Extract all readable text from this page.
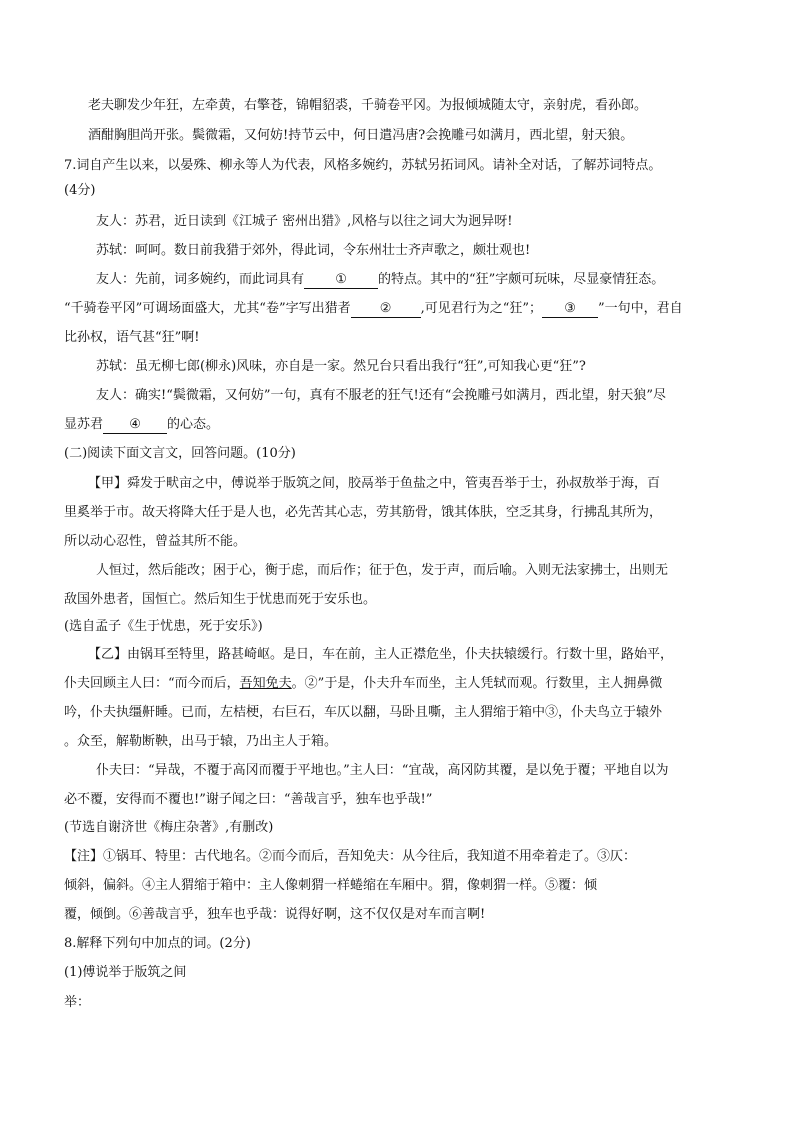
老夫聊发少年狂，左牵黄，右擎苍，锦帽貂裘，千骑卷平冈。为报倾城随太守，亲射虎，看孙郎。
酒酣胸胆尚开张。鬓微霜，又何妨!持节云中，何日遣冯唐?会挽雕弓如满月，西北望，射天狼。
7.词自产生以来，以晏殊、柳永等人为代表，风格多婉约，苏轼另拓词风。请补全对话，了解苏词特点。
(4分)
友人：苏君，近日读到《江城子 密州出猎》,风格与以往之词大为迥异呀!
苏轼：呵呵。数日前我猎于郊外，得此词，令东州壮士齐声歌之，颇壮观也!
友人：先前，词多婉约，而此词具有 ① 的特点。其中的“狂”字颇可玩味，尽显豪情狂态。
“千骑卷平冈”可调场面盛大，尤其“卷”字写出猎者 ② ,可见君行为之“狂”； ③ ”一句中，君自
比孙权，语气甚“狂”啊!
苏轼：虽无柳七郎(柳永)风味，亦自是一家。然兄台只看出我行“狂”,可知我心更“狂”?
友人：确实!“鬓微霜，又何妨”一句，真有不服老的狂气!还有“会挽雕弓如满月，西北望，射天狼”尽
显苏君 ④ 的心态。
(二)阅读下面文言文，回答问题。(10分)
【甲】舜发于畎亩之中，傅说举于版筑之间，胶鬲举于鱼盐之中，管夷吾举于士，孙叔敖举于海，百
里奚举于市。故天将降大任于是人也，必先苦其心志，劳其筋骨，饿其体肤，空乏其身，行拂乱其所为，
所以动心忍性，曾益其所不能。
人恒过，然后能改；困于心，衡于虑，而后作；征于色，发于声，而后喻。入则无法家拂士，出则无
敌国外患者，国恒亡。然后知生于忧患而死于安乐也。
(选自孟子《生于忧患，死于安乐》)
【乙】由锅耳至特里，路甚崎岖。是日，车在前，主人正襟危坐，仆夫扶辕缓行。行数十里，路始平，
仆夫回顾主人曰：“而今而后，吾知免夫。②”于是，仆夫升车而坐，主人凭轼而观。行数里，主人拥鼻微
吟，仆夫执缰鼾睡。已而，左桔梗，右巨石，车仄以翻，马卧且嘶，主人猬缩于箱中③，仆夫鸟立于辕外
。众至，解勒断鞅，出马于辕，乃出主人于箱。
仆夫曰：“异哉，不覆于高冈而覆于平地也。”主人曰：“宜哉，高冈防其覆，是以免于覆；平地自以为
必不覆，安得而不覆也!”谢子闻之曰：“善哉言乎，独车也乎哉!”
(节选自谢济世《梅庄杂著》,有删改)
【注】①锅耳、特里：古代地名。②而今而后，吾知免夫：从今往后，我知道不用牵着走了。③仄：
倾斜，偏斜。④主人猬缩于箱中：主人像刺猬一样蜷缩在车厢中。猬，像刺猬一样。⑤覆：倾
覆，倾倒。⑥善哉言乎，独车也乎哉：说得好啊，这不仅仅是对车而言啊!
8.解释下列句中加点的词。(2分)
(1)傅说举于版筑之间
举：
